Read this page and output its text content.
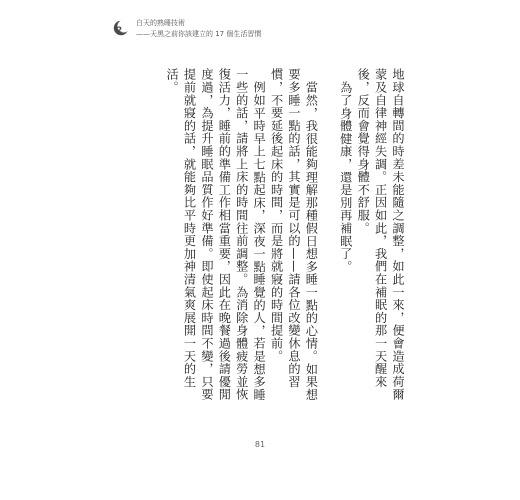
2
白天的熟睡技術
——天黑之前你該建立的 17 個生活習慣

地球自轉間的時差未能隨之調整，如此一來，便會造成荷爾蒙及自律神經失調。正因如此，我們在補眠的那一天醒來後，反而會覺得身體不舒服。

為了身體健康，還是別再補眠了。

當然，我很能夠理解那種假日想多睡一點的心情。如果想要多睡一點的話，其實是可以的——請各位改變休息的習慣，不要延後起床的時間，而是將就寢的時間提前。

例如平時早上七點起床，深夜一點睡覺的人，若是想多睡一些的話，請將上床的時間往前調整。為消除身體疲勞並恢復活力，睡前的準備工作相當重要，因此在晚餐過後請優閒度過，為提升睡眠品質作好準備。即使起床時間不變，只要提前就寢的話，就能夠比平時更加神清氣爽展開一天的生活。

81
